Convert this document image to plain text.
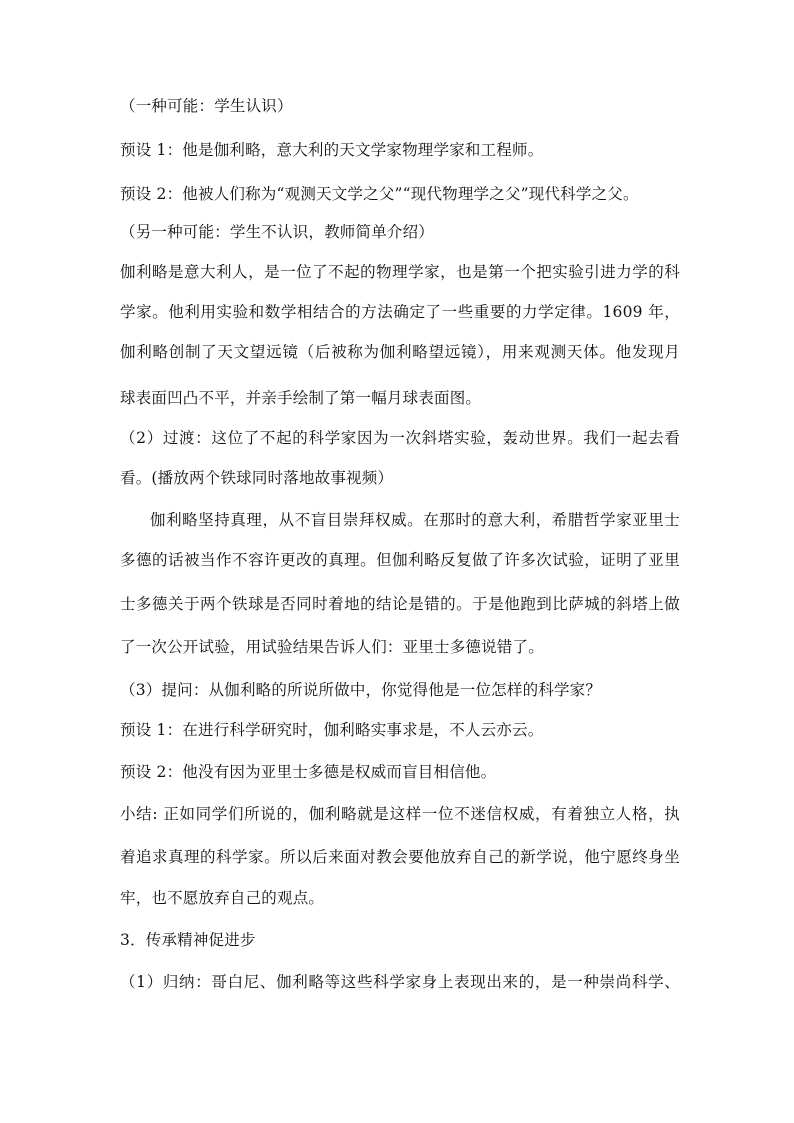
（一种可能：学生认识）
预设 1：他是伽利略，意大利的天文学家物理学家和工程师。
预设 2：他被人们称为“观测天文学之父”“现代物理学之父”现代科学之父。
（另一种可能：学生不认识，教师简单介绍）
伽利略是意大利人，是一位了不起的物理学家，也是第一个把实验引进力学的科
学家。他利用实验和数学相结合的方法确定了一些重要的力学定律。1609 年，
伽利略创制了天文望远镜（后被称为伽利略望远镜），用来观测天体。他发现月
球表面凹凸不平，并亲手绘制了第一幅月球表面图。
（2）过渡：这位了不起的科学家因为一次斜塔实验，轰动世界。我们一起去看
看。(播放两个铁球同时落地故事视频）
伽利略坚持真理，从不盲目崇拜权威。在那时的意大利，希腊哲学家亚里士
多德的话被当作不容许更改的真理。但伽利略反复做了许多次试验，证明了亚里
士多德关于两个铁球是否同时着地的结论是错的。于是他跑到比萨城的斜塔上做
了一次公开试验，用试验结果告诉人们：亚里士多德说错了。
（3）提问：从伽利略的所说所做中，你觉得他是一位怎样的科学家？
预设 1：在进行科学研究时，伽利略实事求是，不人云亦云。
预设 2：他没有因为亚里士多德是权威而盲目相信他。
小结: 正如同学们所说的，伽利略就是这样一位不迷信权威，有着独立人格，执
着追求真理的科学家。所以后来面对教会要他放弃自己的新学说，他宁愿终身坐
牢，也不愿放弃自己的观点。
3．传承精神促进步
（1）归纳：哥白尼、伽利略等这些科学家身上表现出来的，是一种崇尚科学、
